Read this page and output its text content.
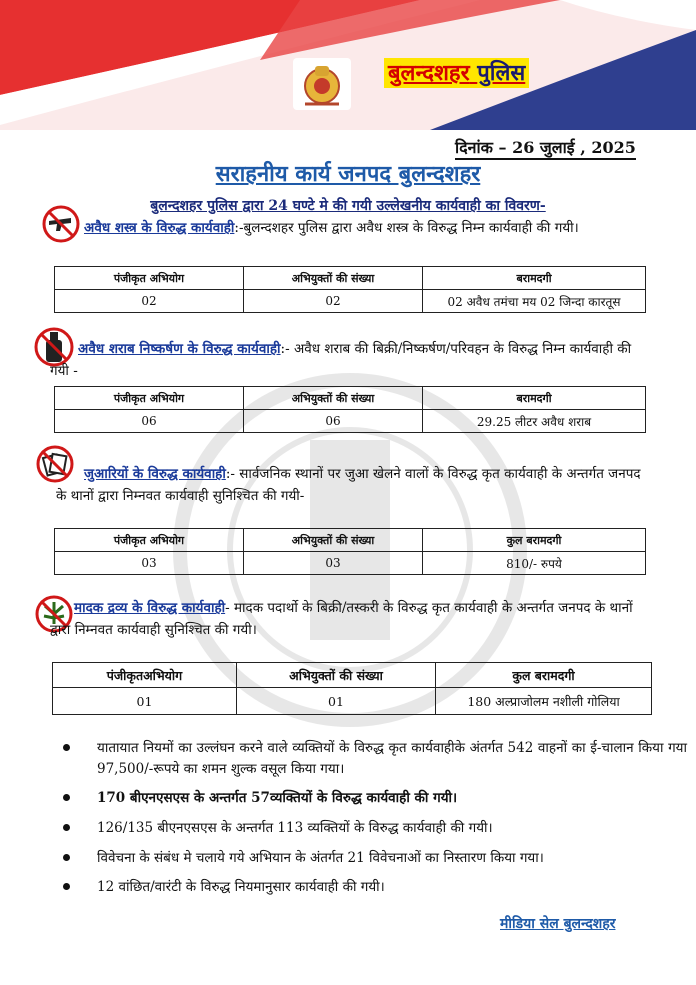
बुलन्दशहर पुलिस
दिनांक – 26 जुलाई , 2025
सराहनीय कार्य जनपद बुलन्दशहर
बुलन्दशहर पुलिस द्वारा 24 घण्टे मे की गयी उल्लेखनीय कार्यवाही का विवरण-
अवैध शस्त्र के विरुद्ध कार्यवाही:-बुलन्दशहर पुलिस द्वारा अवैध शस्त्र के विरुद्ध निम्न कार्यवाही की गयी।
पंजीकृत अभियोग	अभियुक्तों की संख्या	बरामदगी
02	02	02 अवैध तमंचा मय 02 जिन्दा कारतूस
अवैध शराब निष्कर्षण के विरुद्ध कार्यवाही:- अवैध शराब की बिक्री/निष्कर्षण/परिवहन के विरुद्ध निम्न कार्यवाही की गयी -
पंजीकृत अभियोग	अभियुक्तों की संख्या	बरामदगी
06	06	29.25 लीटर अवैध शराब
जुआरियों के विरुद्ध कार्यवाही:- सार्वजनिक स्थानों पर जुआ खेलने वालों के विरुद्ध कृत कार्यवाही के अन्तर्गत जनपद के थानों द्वारा निम्नवत कार्यवाही सुनिश्चित की गयी-
पंजीकृत अभियोग	अभियुक्तों की संख्या	कुल बरामदगी
03	03	810/- रुपये
मादक द्रव्य के विरुद्ध कार्यवाही- मादक पदार्थो के बिक्री/तस्करी के विरुद्ध कृत कार्यवाही के अन्तर्गत जनपद के थानों द्वारा निम्नवत कार्यवाही सुनिश्चित की गयी।
पंजीकृतअभियोग	अभियुक्तों की संख्या	कुल बरामदगी
01	01	180 अल्प्राजोलम नशीली गोलिया
यातायात नियमों का उल्लंघन करने वाले व्यक्तियों के विरुद्ध कृत कार्यवाहीके अंतर्गत 542 वाहनों का ई-चालान किया गया 97,500/-रूपये का शमन शुल्क वसूल किया गया।
170 बीएनएसएस के अन्तर्गत 57व्यक्तियों के विरुद्ध कार्यवाही की गयी।
126/135 बीएनएसएस के अन्तर्गत 113 व्यक्तियों के विरुद्ध कार्यवाही की गयी।
विवेचना के संबंध मे चलाये गये अभियान के अंतर्गत 21 विवेचनाओं का निस्तारण किया गया।
12 वांछित/वारंटी के विरुद्ध नियमानुसार कार्यवाही की गयी।
मीडिया सेल बुलन्दशहर
